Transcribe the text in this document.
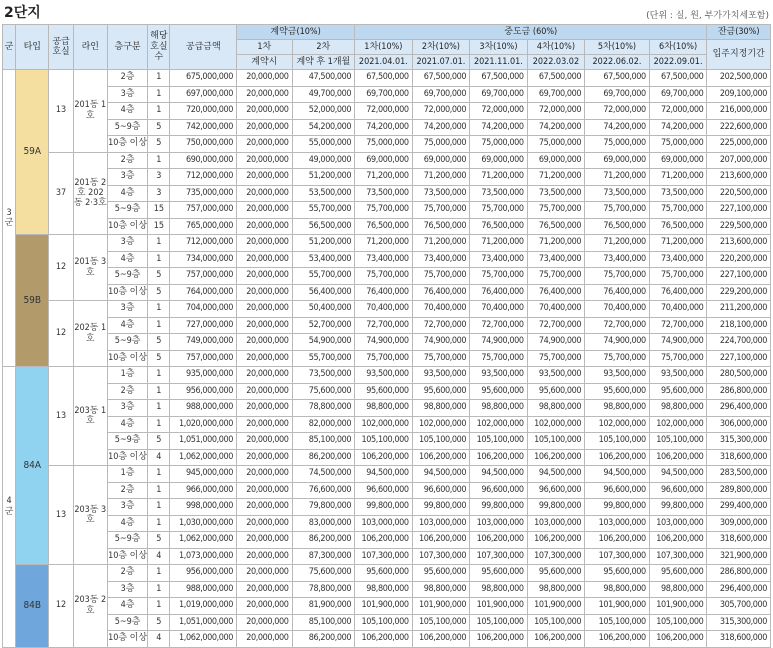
2단지	(단위 : 실, 원, 부가가치세포함)
군	타입	공급호실	라인	층구분	해당호실수	공급금액	계약금(10%)		중도금 (60%)						잔금(30%)
							1차	2차	1차(10%)	2차(10%)	3차(10%)	4차(10%)	5차(10%)	6차(10%)	입주지정기간
							계약시	계약 후 1개월	2021.04.01.	2021.07.01.	2021.11.01.	2022.03.02	2022.06.02.	2022.09.01.	
3 군	59A	13	201동 1호	2층	1	675,000,000	20,000,000	47,500,000	67,500,000	67,500,000	67,500,000	67,500,000	67,500,000	67,500,000	202,500,000
				3층	1	697,000,000	20,000,000	49,700,000	69,700,000	69,700,000	69,700,000	69,700,000	69,700,000	69,700,000	209,100,000
				4층	1	720,000,000	20,000,000	52,000,000	72,000,000	72,000,000	72,000,000	72,000,000	72,000,000	72,000,000	216,000,000
				5~9층	5	742,000,000	20,000,000	54,200,000	74,200,000	74,200,000	74,200,000	74,200,000	74,200,000	74,200,000	222,600,000
				10층 이상	5	750,000,000	20,000,000	55,000,000	75,000,000	75,000,000	75,000,000	75,000,000	75,000,000	75,000,000	225,000,000
		37	201동 2호 202동 2·3호	2층	1	690,000,000	20,000,000	49,000,000	69,000,000	69,000,000	69,000,000	69,000,000	69,000,000	69,000,000	207,000,000
				3층	3	712,000,000	20,000,000	51,200,000	71,200,000	71,200,000	71,200,000	71,200,000	71,200,000	71,200,000	213,600,000
				4층	3	735,000,000	20,000,000	53,500,000	73,500,000	73,500,000	73,500,000	73,500,000	73,500,000	73,500,000	220,500,000
				5~9층	15	757,000,000	20,000,000	55,700,000	75,700,000	75,700,000	75,700,000	75,700,000	75,700,000	75,700,000	227,100,000
				10층 이상	15	765,000,000	20,000,000	56,500,000	76,500,000	76,500,000	76,500,000	76,500,000	76,500,000	76,500,000	229,500,000
	59B	12	201동 3호	3층	1	712,000,000	20,000,000	51,200,000	71,200,000	71,200,000	71,200,000	71,200,000	71,200,000	71,200,000	213,600,000
				4층	1	734,000,000	20,000,000	53,400,000	73,400,000	73,400,000	73,400,000	73,400,000	73,400,000	73,400,000	220,200,000
				5~9층	5	757,000,000	20,000,000	55,700,000	75,700,000	75,700,000	75,700,000	75,700,000	75,700,000	75,700,000	227,100,000
				10층 이상	5	764,000,000	20,000,000	56,400,000	76,400,000	76,400,000	76,400,000	76,400,000	76,400,000	76,400,000	229,200,000
		12	202동 1호	3층	1	704,000,000	20,000,000	50,400,000	70,400,000	70,400,000	70,400,000	70,400,000	70,400,000	70,400,000	211,200,000
				4층	1	727,000,000	20,000,000	52,700,000	72,700,000	72,700,000	72,700,000	72,700,000	72,700,000	72,700,000	218,100,000
				5~9층	5	749,000,000	20,000,000	54,900,000	74,900,000	74,900,000	74,900,000	74,900,000	74,900,000	74,900,000	224,700,000
				10층 이상	5	757,000,000	20,000,000	55,700,000	75,700,000	75,700,000	75,700,000	75,700,000	75,700,000	75,700,000	227,100,000
4 군	84A	13	203동 1호	1층	1	935,000,000	20,000,000	73,500,000	93,500,000	93,500,000	93,500,000	93,500,000	93,500,000	93,500,000	280,500,000
				2층	1	956,000,000	20,000,000	75,600,000	95,600,000	95,600,000	95,600,000	95,600,000	95,600,000	95,600,000	286,800,000
				3층	1	988,000,000	20,000,000	78,800,000	98,800,000	98,800,000	98,800,000	98,800,000	98,800,000	98,800,000	296,400,000
				4층	1	1,020,000,000	20,000,000	82,000,000	102,000,000	102,000,000	102,000,000	102,000,000	102,000,000	102,000,000	306,000,000
				5~9층	5	1,051,000,000	20,000,000	85,100,000	105,100,000	105,100,000	105,100,000	105,100,000	105,100,000	105,100,000	315,300,000
				10층 이상	4	1,062,000,000	20,000,000	86,200,000	106,200,000	106,200,000	106,200,000	106,200,000	106,200,000	106,200,000	318,600,000
		13	203동 3호	1층	1	945,000,000	20,000,000	74,500,000	94,500,000	94,500,000	94,500,000	94,500,000	94,500,000	94,500,000	283,500,000
				2층	1	966,000,000	20,000,000	76,600,000	96,600,000	96,600,000	96,600,000	96,600,000	96,600,000	96,600,000	289,800,000
				3층	1	998,000,000	20,000,000	79,800,000	99,800,000	99,800,000	99,800,000	99,800,000	99,800,000	99,800,000	299,400,000
				4층	1	1,030,000,000	20,000,000	83,000,000	103,000,000	103,000,000	103,000,000	103,000,000	103,000,000	103,000,000	309,000,000
				5~9층	5	1,062,000,000	20,000,000	86,200,000	106,200,000	106,200,000	106,200,000	106,200,000	106,200,000	106,200,000	318,600,000
				10층 이상	4	1,073,000,000	20,000,000	87,300,000	107,300,000	107,300,000	107,300,000	107,300,000	107,300,000	107,300,000	321,900,000
	84B	12	203동 2호	2층	1	956,000,000	20,000,000	75,600,000	95,600,000	95,600,000	95,600,000	95,600,000	95,600,000	95,600,000	286,800,000
				3층	1	988,000,000	20,000,000	78,800,000	98,800,000	98,800,000	98,800,000	98,800,000	98,800,000	98,800,000	296,400,000
				4층	1	1,019,000,000	20,000,000	81,900,000	101,900,000	101,900,000	101,900,000	101,900,000	101,900,000	101,900,000	305,700,000
				5~9층	5	1,051,000,000	20,000,000	85,100,000	105,100,000	105,100,000	105,100,000	105,100,000	105,100,000	105,100,000	315,300,000
				10층 이상	4	1,062,000,000	20,000,000	86,200,000	106,200,000	106,200,000	106,200,000	106,200,000	106,200,000	106,200,000	318,600,000
